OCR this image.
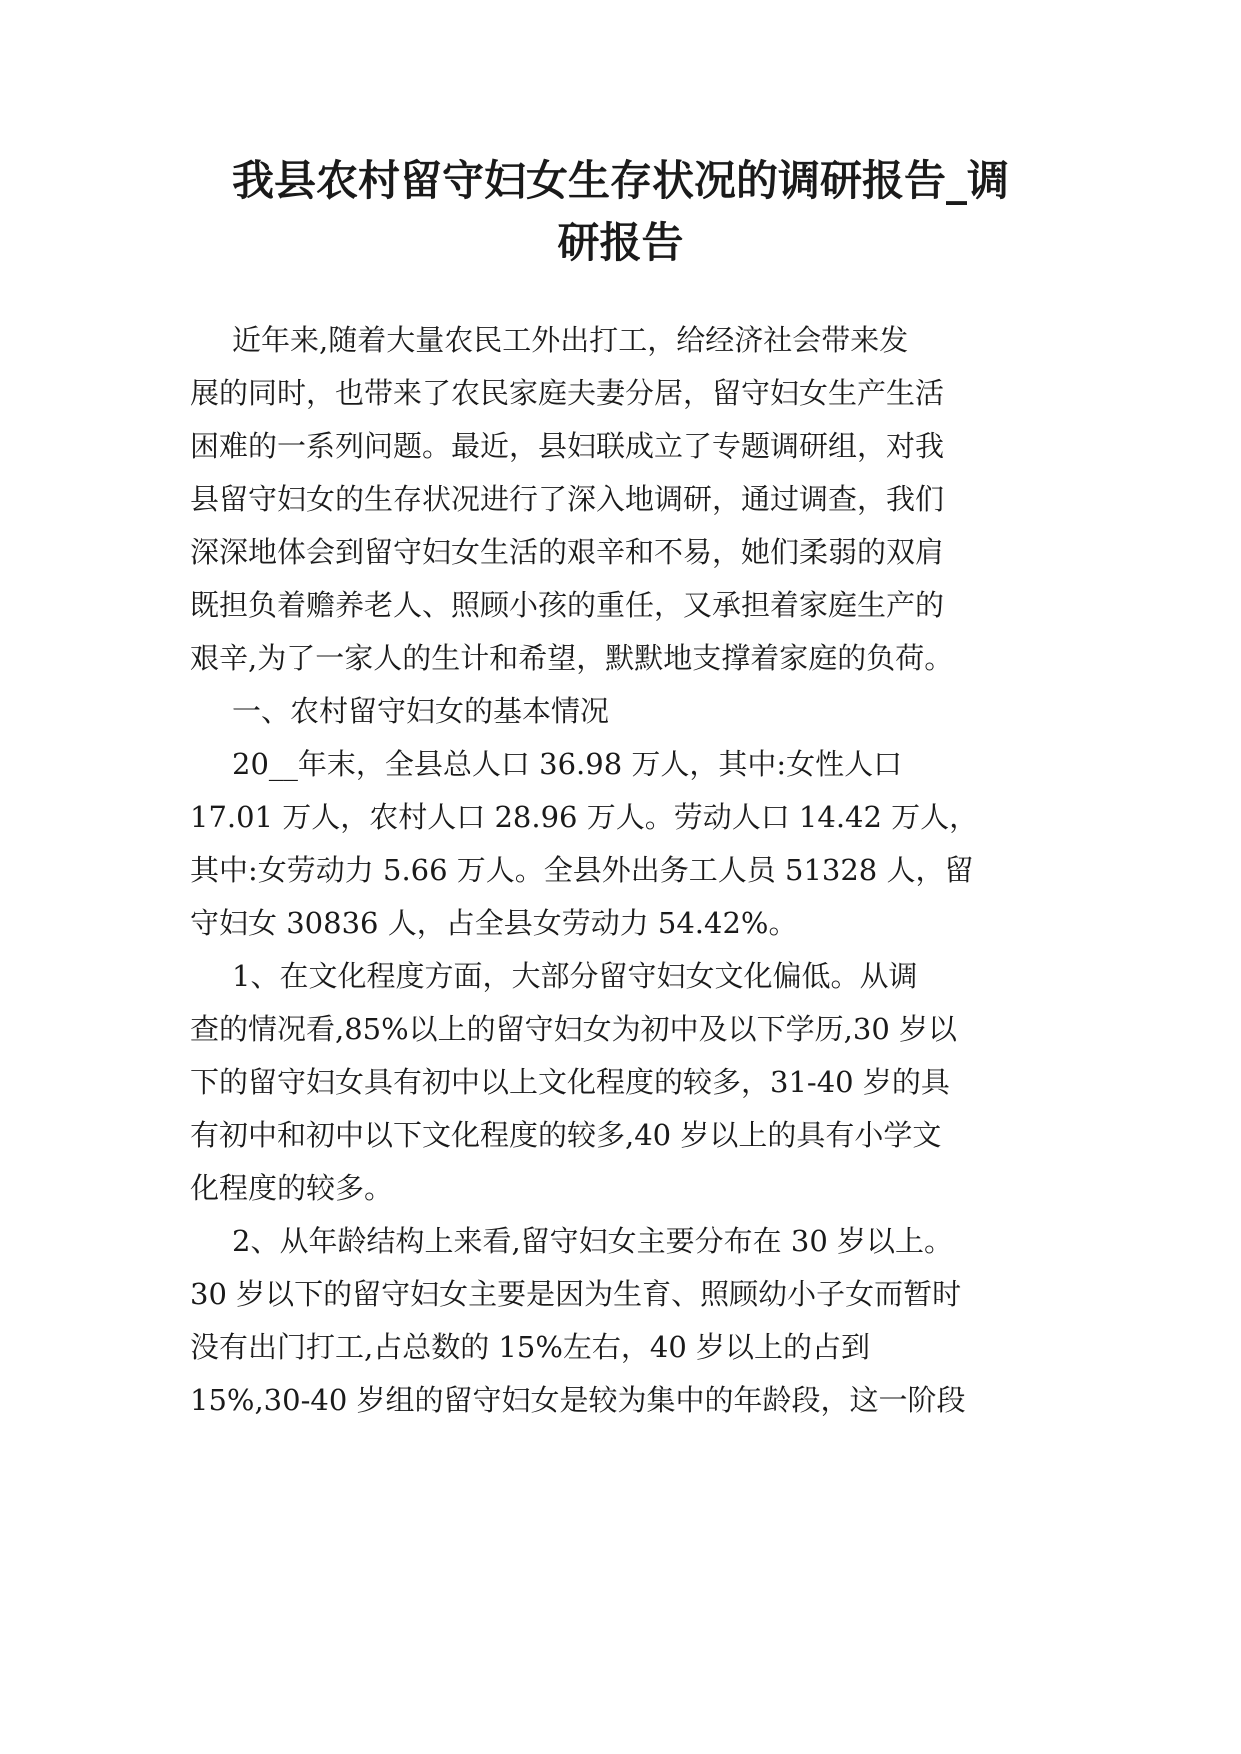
我县农村留守妇女生存状况的调研报告_调
研报告

近年来,随着大量农民工外出打工，给经济社会带来发

展的同时，也带来了农民家庭夫妻分居，留守妇女生产生活

困难的一系列问题。最近，县妇联成立了专题调研组，对我

县留守妇女的生存状况进行了深入地调研，通过调查，我们

深深地体会到留守妇女生活的艰辛和不易，她们柔弱的双肩

既担负着赡养老人、照顾小孩的重任，又承担着家庭生产的

艰辛,为了一家人的生计和希望，默默地支撑着家庭的负荷。

一、农村留守妇女的基本情况

20__年末，全县总人口 36.98 万人，其中:女性人口

17.01 万人，农村人口 28.96 万人。劳动人口 14.42 万人，

其中:女劳动力 5.66 万人。全县外出务工人员 51328 人，留

守妇女 30836 人，占全县女劳动力 54.42%。

1、在文化程度方面，大部分留守妇女文化偏低。从调

查的情况看,85%以上的留守妇女为初中及以下学历,30 岁以

下的留守妇女具有初中以上文化程度的较多，31-40 岁的具

有初中和初中以下文化程度的较多,40 岁以上的具有小学文

化程度的较多。

2、从年龄结构上来看,留守妇女主要分布在 30 岁以上。

30 岁以下的留守妇女主要是因为生育、照顾幼小子女而暂时

没有出门打工,占总数的 15%左右，40 岁以上的占到

15%,30-40 岁组的留守妇女是较为集中的年龄段，这一阶段
